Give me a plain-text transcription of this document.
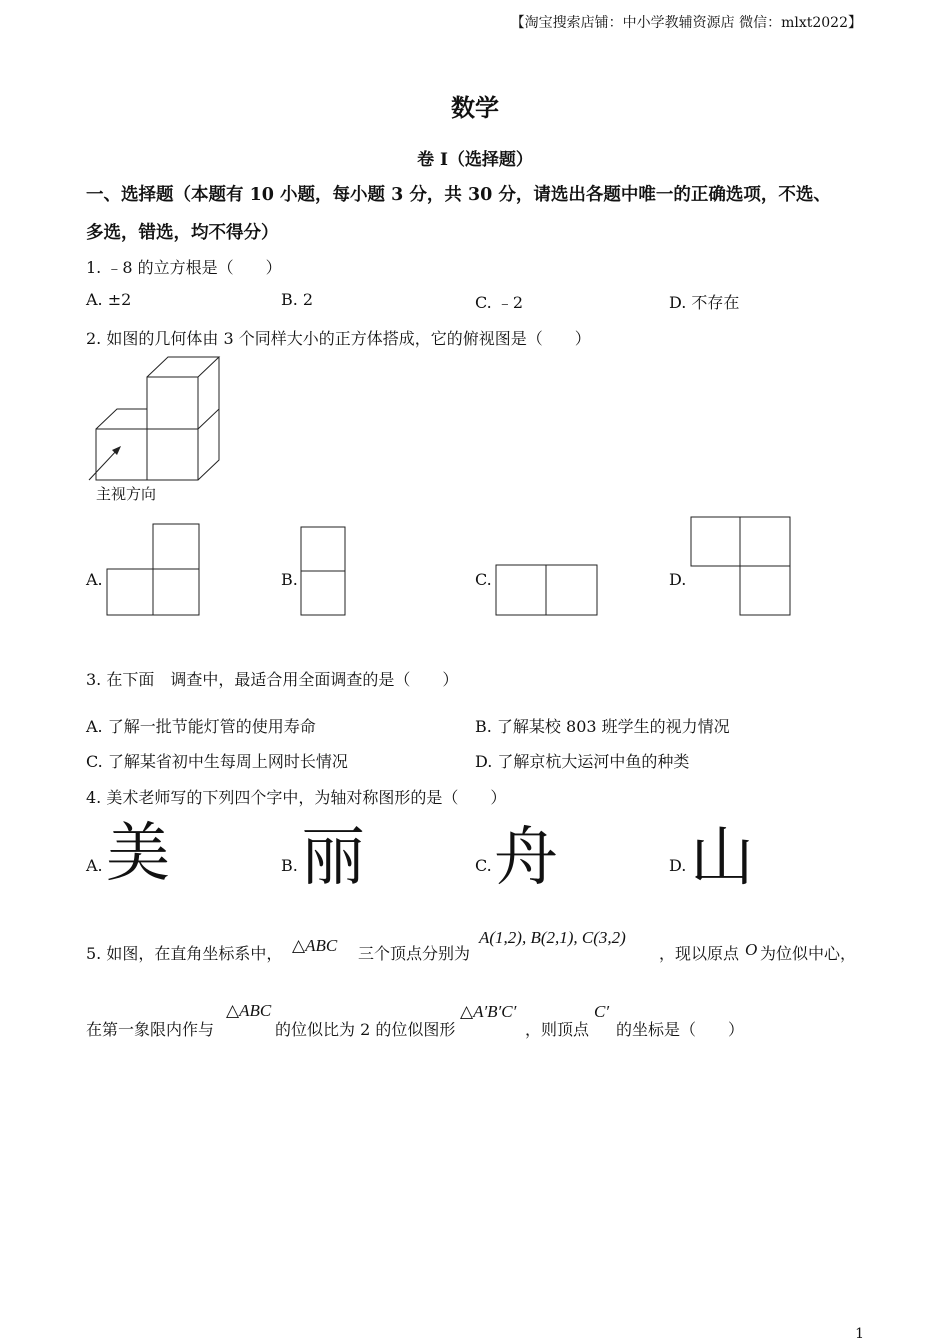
【淘宝搜索店铺：中小学教辅资源店 微信：mlxt2022】
数学
卷 I（选择题）
一、选择题（本题有 10 小题，每小题 3 分，共 30 分，请选出各题中唯一的正确选项，不选、
多选，错选，均不得分）
1. ﹣8 的立方根是（　　）
A. ±2	B. 2	C. ﹣2	D. 不存在
2. 如图的几何体由 3 个同样大小的正方体搭成，它的俯视图是（　　）
主视方向
A.	B.	C.	D.
3. 在下面　调查中，最适合用全面调查的是（　　）
A. 了解一批节能灯管的使用寿命	B. 了解某校 803 班学生的视力情况
C. 了解某省初中生每周上网时长情况	D. 了解京杭大运河中鱼的种类
4. 美术老师写的下列四个字中，为轴对称图形的是（　　）
A. 美	B. 丽	C. 舟	D. 山
5. 如图，在直角坐标系中， △ABC 三个顶点分别为
A(1,2), B(2,1), C(3,2)
，现以原点 O 为位似中心，
在第一象限内作与
△ABC
的位似比为 2 的位似图形
△A′B′C′
，则顶点
C′
的坐标是（　　）
1
